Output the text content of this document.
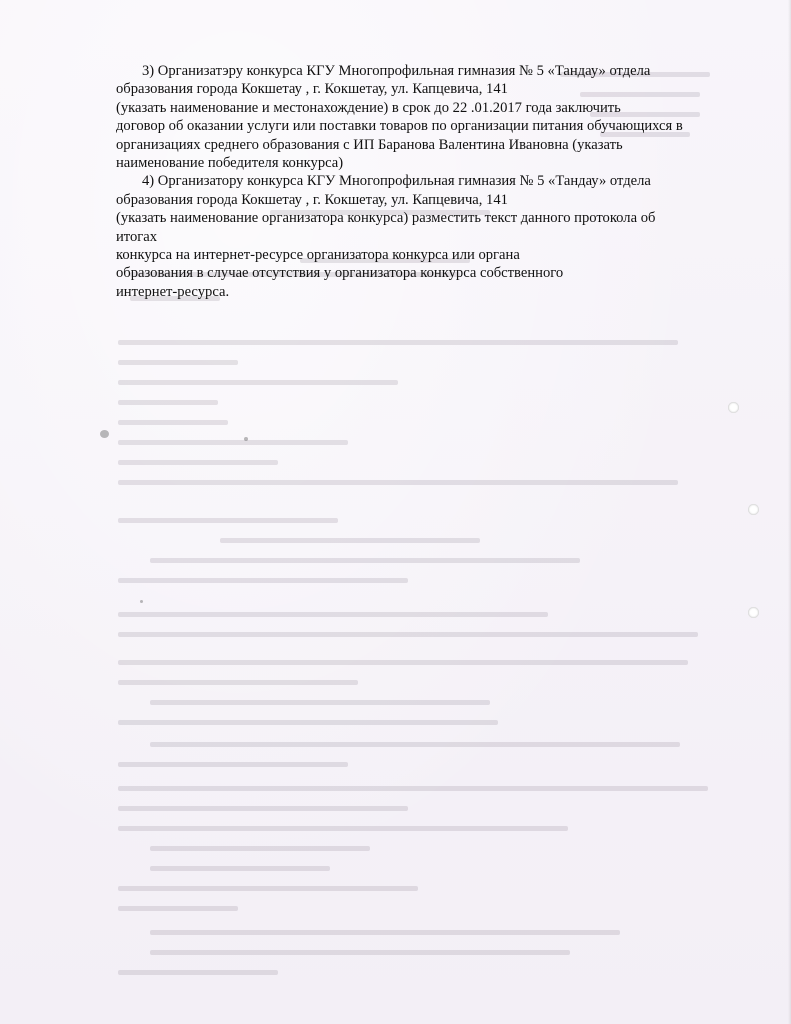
3) Организатэру конкурса КГУ Многопрофильная гимназия № 5 «Тандау» отдела

образования города Кокшетау , г. Кокшетау, ул. Капцевича, 141

(указать наименование и местонахождение) в срок до 22 .01.2017 года заключить

договор об оказании услуги или поставки товаров по организации питания обучающихся в

организациях среднего образования с ИП Баранова Валентина Ивановна (указать

наименование победителя конкурса)

4) Организатору конкурса КГУ Многопрофильная гимназия № 5 «Тандау» отдела

образования города Кокшетау , г. Кокшетау, ул. Капцевича, 141

(указать наименование организатора конкурса) разместить текст данного протокола об

итогах

конкурса на интернет-ресурсе организатора конкурса или органа

образования в случае отсутствия у организатора конкурса собственного

интернет-ресурса.
